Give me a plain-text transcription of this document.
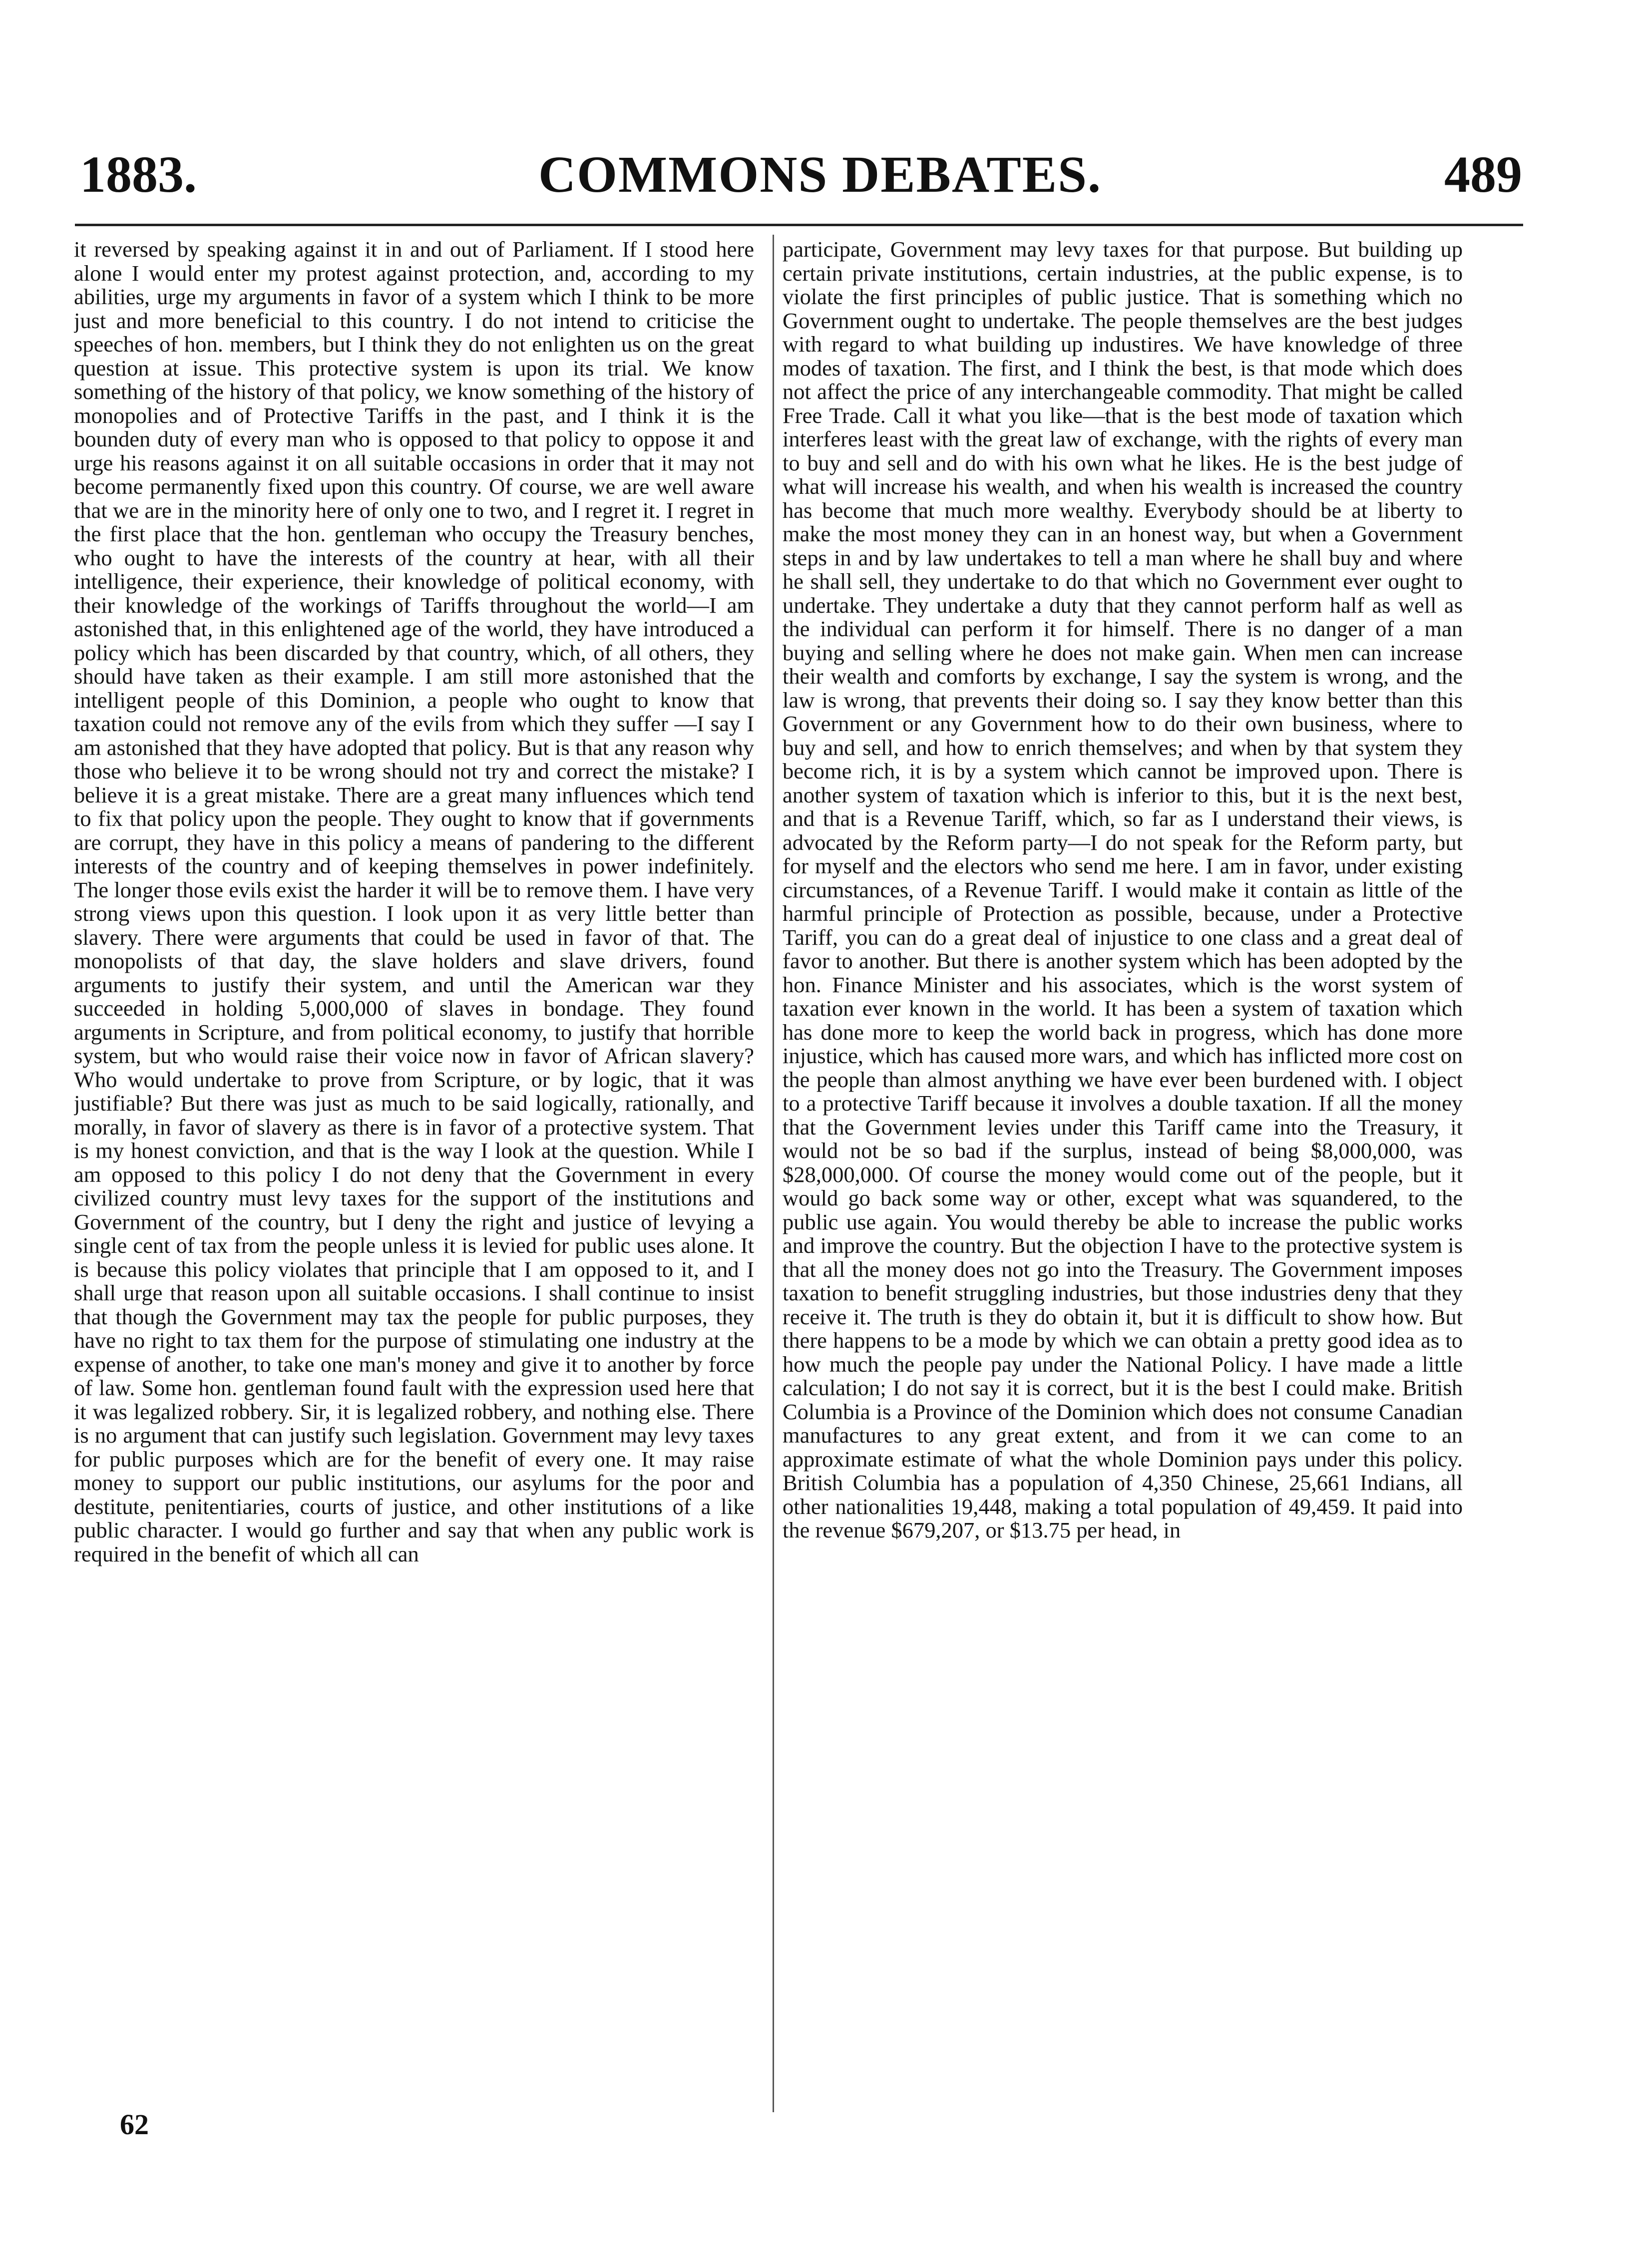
1883.	COMMONS DEBATES.	489

it reversed by speaking against it in and out of Parliament. If I stood here alone I would enter my protest against protection, and, according to my abilities, urge my arguments in favor of a system which I think to be more just and more beneficial to this country. I do not intend to criticise the speeches of hon. members, but I think they do not enlighten us on the great question at issue. This protective system is upon its trial. We know something of the history of that policy, we know something of the history of monopolies and of Protective Tariffs in the past, and I think it is the bounden duty of every man who is opposed to that policy to oppose it and urge his reasons against it on all suitable occasions in order that it may not become permanently fixed upon this country. Of course, we are well aware that we are in the minority here of only one to two, and I regret it. I regret in the first place that the hon. gentleman who occupy the Treasury benches, who ought to have the interests of the country at hear, with all their intelligence, their experience, their knowledge of political economy, with their knowledge of the workings of Tariffs throughout the world—I am astonished that, in this enlightened age of the world, they have introduced a policy which has been discarded by that country, which, of all others, they should have taken as their example. I am still more astonished that the intelligent people of this Dominion, a people who ought to know that taxation could not remove any of the evils from which they suffer —I say I am astonished that they have adopted that policy. But is that any reason why those who believe it to be wrong should not try and correct the mistake? I believe it is a great mistake. There are a great many influences which tend to fix that policy upon the people. They ought to know that if governments are corrupt, they have in this policy a means of pandering to the different interests of the country and of keeping themselves in power indefinitely. The longer those evils exist the harder it will be to remove them. I have very strong views upon this question. I look upon it as very little better than slavery. There were arguments that could be used in favor of that. The monopolists of that day, the slave holders and slave drivers, found arguments to justify their system, and until the American war they succeeded in holding 5,000,000 of slaves in bondage. They found arguments in Scripture, and from political economy, to justify that horrible system, but who would raise their voice now in favor of African slavery? Who would undertake to prove from Scripture, or by logic, that it was justifiable? But there was just as much to be said logically, rationally, and morally, in favor of slavery as there is in favor of a protective system. That is my honest conviction, and that is the way I look at the question. While I am opposed to this policy I do not deny that the Government in every civilized country must levy taxes for the support of the institutions and Government of the country, but I deny the right and justice of levying a single cent of tax from the people unless it is levied for public uses alone. It is because this policy violates that principle that I am opposed to it, and I shall urge that reason upon all suitable occasions. I shall continue to insist that though the Government may tax the people for public purposes, they have no right to tax them for the purpose of stimulating one industry at the expense of another, to take one man's money and give it to another by force of law. Some hon. gentleman found fault with the expression used here that it was legalized robbery. Sir, it is legalized robbery, and nothing else. There is no argument that can justify such legislation. Government may levy taxes for public purposes which are for the benefit of every one. It may raise money to support our public institutions, our asylums for the poor and destitute, penitentiaries, courts of justice, and other institutions of a like public character. I would go further and say that when any public work is required in the benefit of which all can

participate, Government may levy taxes for that purpose. But building up certain private institutions, certain industries, at the public expense, is to violate the first principles of public justice. That is something which no Government ought to undertake. The people themselves are the best judges with regard to what building up industires. We have knowledge of three modes of taxation. The first, and I think the best, is that mode which does not affect the price of any interchangeable commodity. That might be called Free Trade. Call it what you like—that is the best mode of taxation which interferes least with the great law of exchange, with the rights of every man to buy and sell and do with his own what he likes. He is the best judge of what will increase his wealth, and when his wealth is increased the country has become that much more wealthy. Everybody should be at liberty to make the most money they can in an honest way, but when a Government steps in and by law undertakes to tell a man where he shall buy and where he shall sell, they undertake to do that which no Government ever ought to undertake. They undertake a duty that they cannot perform half as well as the individual can perform it for himself. There is no danger of a man buying and selling where he does not make gain. When men can increase their wealth and comforts by exchange, I say the system is wrong, and the law is wrong, that prevents their doing so. I say they know better than this Government or any Government how to do their own business, where to buy and sell, and how to enrich themselves; and when by that system they become rich, it is by a system which cannot be improved upon. There is another system of taxation which is inferior to this, but it is the next best, and that is a Revenue Tariff, which, so far as I understand their views, is advocated by the Reform party—I do not speak for the Reform party, but for myself and the electors who send me here. I am in favor, under existing circumstances, of a Revenue Tariff. I would make it contain as little of the harmful principle of Protection as possible, because, under a Protective Tariff, you can do a great deal of injustice to one class and a great deal of favor to another. But there is another system which has been adopted by the hon. Finance Minister and his associates, which is the worst system of taxation ever known in the world. It has been a system of taxation which has done more to keep the world back in progress, which has done more injustice, which has caused more wars, and which has inflicted more cost on the people than almost anything we have ever been burdened with. I object to a protective Tariff because it involves a double taxation. If all the money that the Government levies under this Tariff came into the Treasury, it would not be so bad if the surplus, instead of being $8,000,000, was $28,000,000. Of course the money would come out of the people, but it would go back some way or other, except what was squandered, to the public use again. You would thereby be able to increase the public works and improve the country. But the objection I have to the protective system is that all the money does not go into the Treasury. The Government imposes taxation to benefit struggling industries, but those industries deny that they receive it. The truth is they do obtain it, but it is difficult to show how. But there happens to be a mode by which we can obtain a pretty good idea as to how much the people pay under the National Policy. I have made a little calculation; I do not say it is correct, but it is the best I could make. British Columbia is a Province of the Dominion which does not consume Canadian manufactures to any great extent, and from it we can come to an approximate estimate of what the whole Dominion pays under this policy. British Columbia has a population of 4,350 Chinese, 25,661 Indians, all other nationalities 19,448, making a total population of 49,459. It paid into the revenue $679,207, or $13.75 per head, in

62
